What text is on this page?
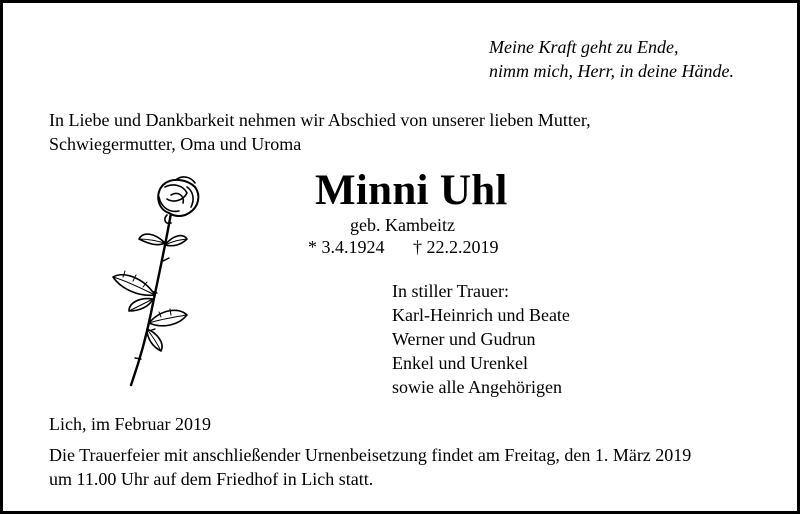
Meine Kraft geht zu Ende,
nimm mich, Herr, in deine Hände.
In Liebe und Dankbarkeit nehmen wir Abschied von unserer lieben Mutter,
Schwiegermutter, Oma und Uroma
Minni Uhl
geb. Kambeitz
* 3.4.1924 † 22.2.2019
In stiller Trauer:
Karl-Heinrich und Beate
Werner und Gudrun
Enkel und Urenkel
sowie alle Angehörigen
Lich, im Februar 2019
Die Trauerfeier mit anschließender Urnenbeisetzung findet am Freitag, den 1. März 2019
um 11.00 Uhr auf dem Friedhof in Lich statt.
